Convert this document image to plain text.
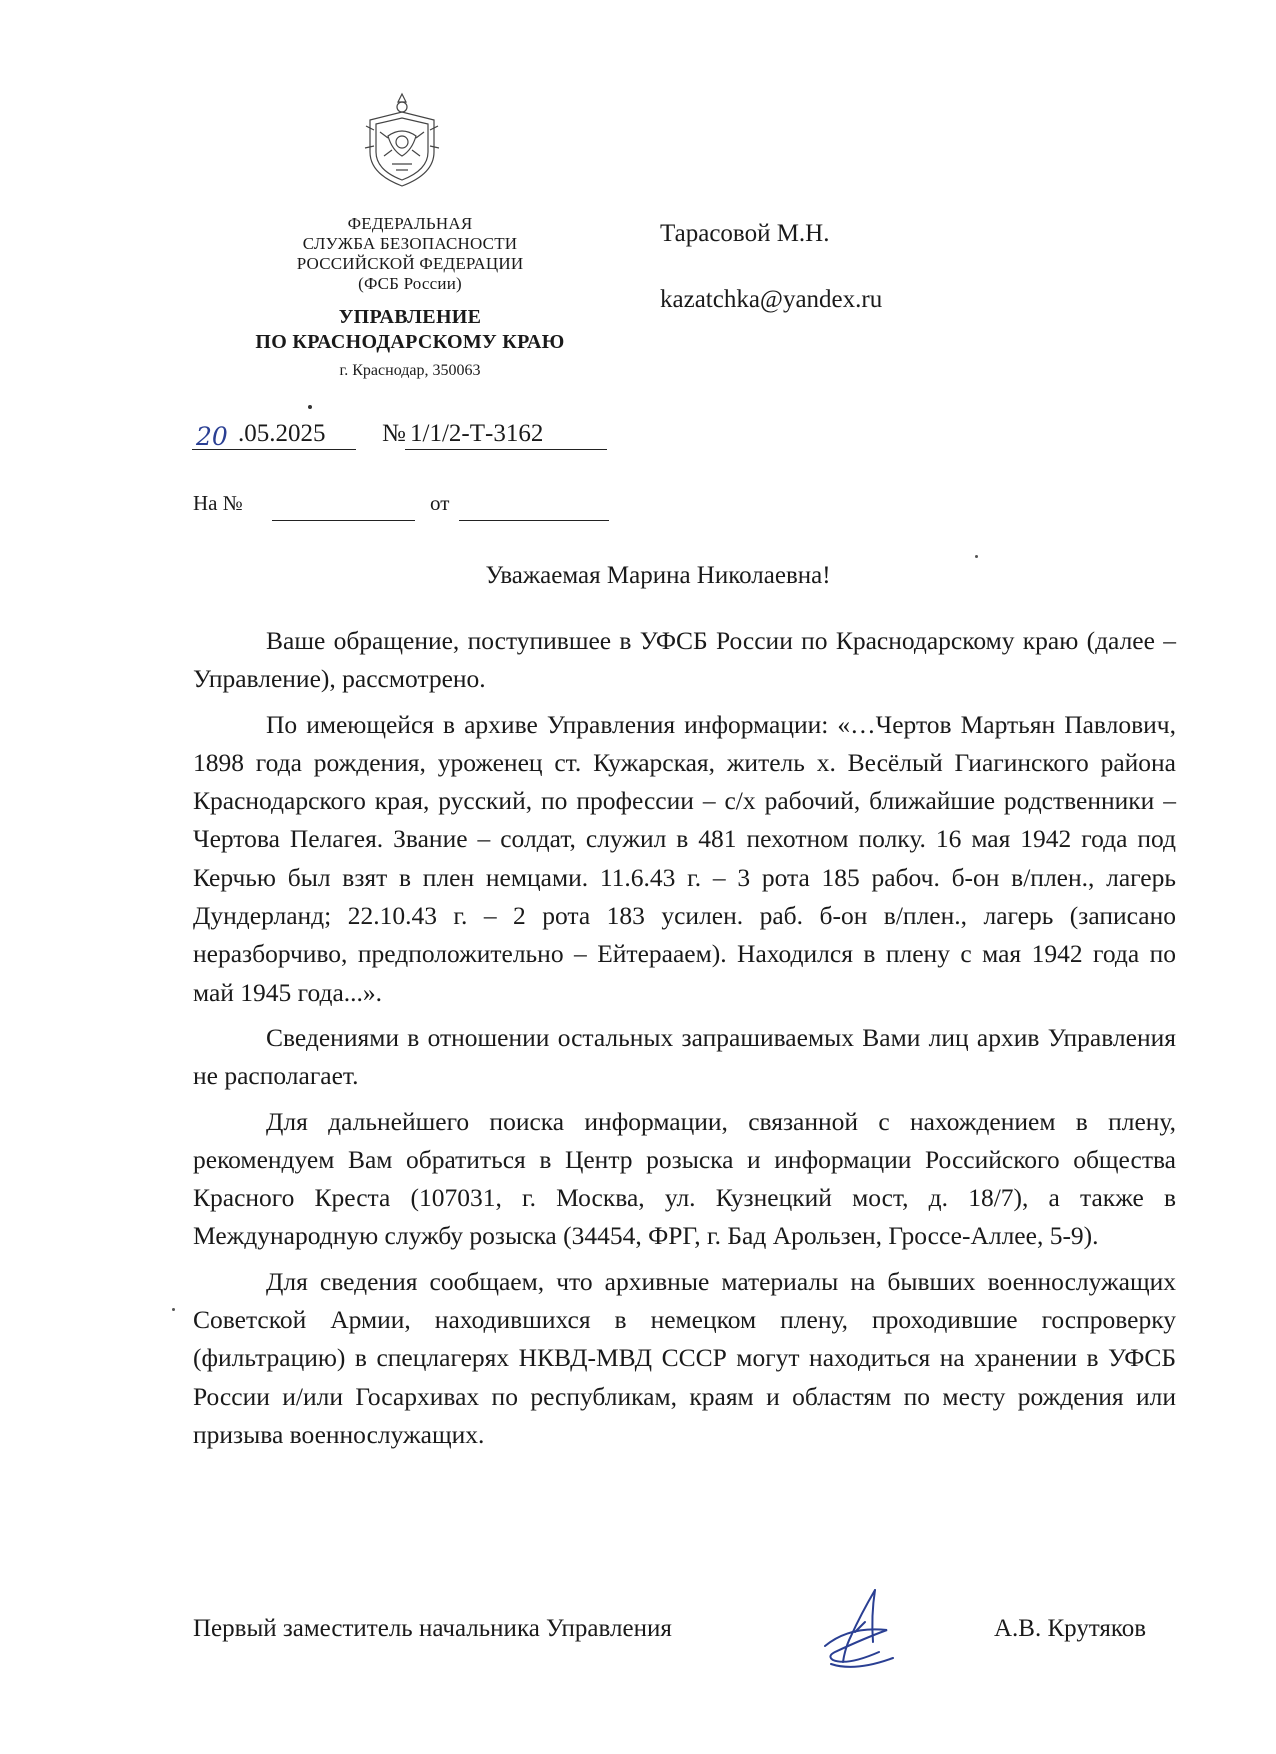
ФЕДЕРАЛЬНАЯ
СЛУЖБА БЕЗОПАСНОСТИ
РОССИЙСКОЙ ФЕДЕРАЦИИ
(ФСБ России)
УПРАВЛЕНИЕ
ПО КРАСНОДАРСКОМУ КРАЮ
г. Краснодар, 350063
Тарасовой М.Н.
kazatchka@yandex.ru
20 .05.2025 № 1/1/2-Т-3162
На №	от
Уважаемая Марина Николаевна!

Ваше обращение, поступившее в УФСБ России по Краснодарскому краю (далее – Управление), рассмотрено.

По имеющейся в архиве Управления информации: «…Чертов Мартьян Павлович, 1898 года рождения, уроженец ст. Кужарская, житель х. Весёлый Гиагинского района Краснодарского края, русский, по профессии – с/х рабочий, ближайшие родственники – Чертова Пелагея. Звание – солдат, служил в 481 пехотном полку. 16 мая 1942 года под Керчью был взят в плен немцами. 11.6.43 г. – 3 рота 185 рабоч. б-он в/плен., лагерь Дундерланд; 22.10.43 г. – 2 рота 183 усилен. раб. б-он в/плен., лагерь (записано неразборчиво, предположительно – Ейтераaем). Находился в плену с мая 1942 года по май 1945 года...».

Сведениями в отношении остальных запрашиваемых Вами лиц архив Управления не располагает.

Для дальнейшего поиска информации, связанной с нахождением в плену, рекомендуем Вам обратиться в Центр розыска и информации Российского общества Красного Креста (107031, г. Москва, ул. Кузнецкий мост, д. 18/7), а также в Международную службу розыска (34454, ФРГ, г. Бад Арользен, Гроссе-Аллее, 5-9).

Для сведения сообщаем, что архивные материалы на бывших военнослужащих Советской Армии, находившихся в немецком плену, проходившие госпроверку (фильтрацию) в спецлагерях НКВД-МВД СССР могут находиться на хранении в УФСБ России и/или Госархивах по республикам, краям и областям по месту рождения или призыва военнослужащих.

Первый заместитель начальника Управления	А.В. Крутяков
